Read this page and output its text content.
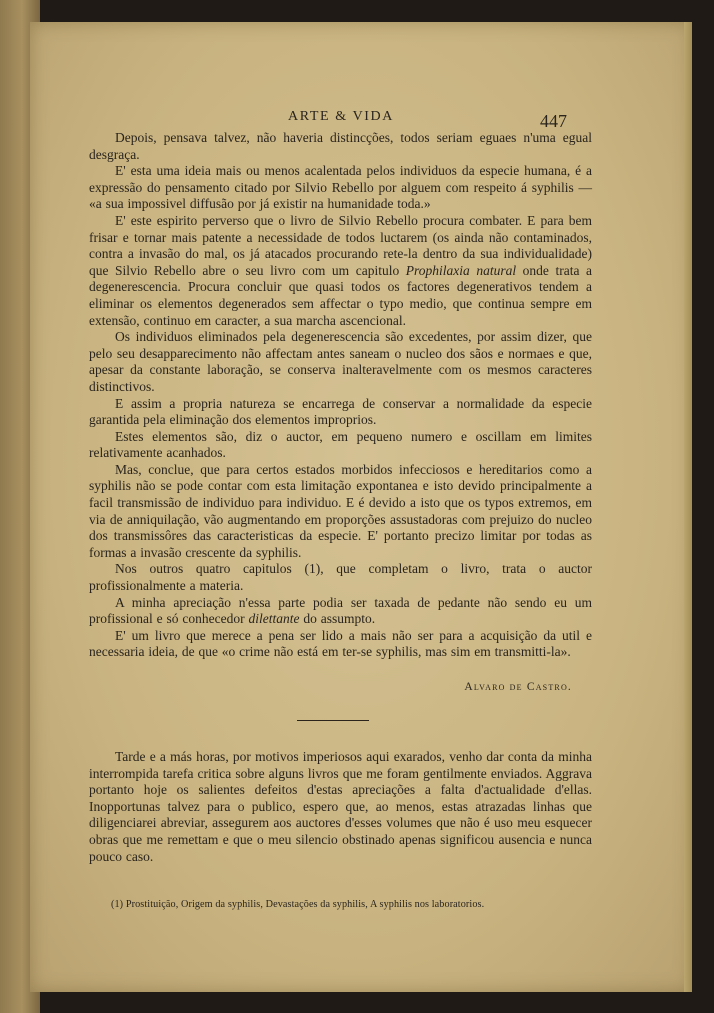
ARTE & VIDA	447

Depois, pensava talvez, não haveria distincções, todos seriam eguaes n'uma egual desgraça.

E' esta uma ideia mais ou menos acalentada pelos individuos da especie humana, é a expressão do pensamento citado por Silvio Rebello por alguem com respeito á syphilis — «a sua impossivel diffusão por já existir na humanidade toda.»

E' este espirito perverso que o livro de Silvio Rebello procura combater. E para bem frisar e tornar mais patente a necessidade de todos luctarem (os ainda não contaminados, contra a invasão do mal, os já atacados procurando rete-la dentro da sua individualidade) que Silvio Rebello abre o seu livro com um capitulo Prophilaxia natural onde trata a degenerescencia. Procura concluir que quasi todos os factores degenerativos tendem a eliminar os elementos degenerados sem affectar o typo medio, que continua sempre em extensão, continuo em caracter, a sua marcha ascencional.

Os individuos eliminados pela degenerescencia são excedentes, por assim dizer, que pelo seu desapparecimento não affectam antes saneam o nucleo dos sãos e normaes e que, apesar da constante laboração, se conserva inalteravelmente com os mesmos caracteres distinctivos.

E assim a propria natureza se encarrega de conservar a normalidade da especie garantida pela eliminação dos elementos improprios.

Estes elementos são, diz o auctor, em pequeno numero e oscillam em limites relativamente acanhados.

Mas, conclue, que para certos estados morbidos infecciosos e hereditarios como a syphilis não se pode contar com esta limitação expontanea e isto devido principalmente a facil transmissão de individuo para individuo. E é devido a isto que os typos extremos, em via de anniquilação, vão augmentando em proporções assustadoras com prejuizo do nucleo dos transmissôres das caracteristicas da especie. E' portanto precizo limitar por todas as formas a invasão crescente da syphilis.

Nos outros quatro capitulos (1), que completam o livro, trata o auctor profissionalmente a materia.

A minha apreciação n'essa parte podia ser taxada de pedante não sendo eu um profissional e só conhecedor dilettante do assumpto.

E' um livro que merece a pena ser lido a mais não ser para a acquisição da util e necessaria ideia, de que «o crime não está em ter-se syphilis, mas sim em transmitti-la».

Alvaro de Castro.

Tarde e a más horas, por motivos imperiosos aqui exarados, venho dar conta da minha interrompida tarefa critica sobre alguns livros que me foram gentilmente enviados. Aggrava portanto hoje os salientes defeitos d'estas apreciações a falta d'actualidade d'ellas. Inopportunas talvez para o publico, espero que, ao menos, estas atrazadas linhas que diligenciarei abreviar, assegurem aos auctores d'esses volumes que não é uso meu esquecer obras que me remettam e que o meu silencio obstinado apenas significou ausencia e nunca pouco caso.

(1) Prostituição, Origem da syphilis, Devastações da syphilis, A syphilis nos laboratorios.
